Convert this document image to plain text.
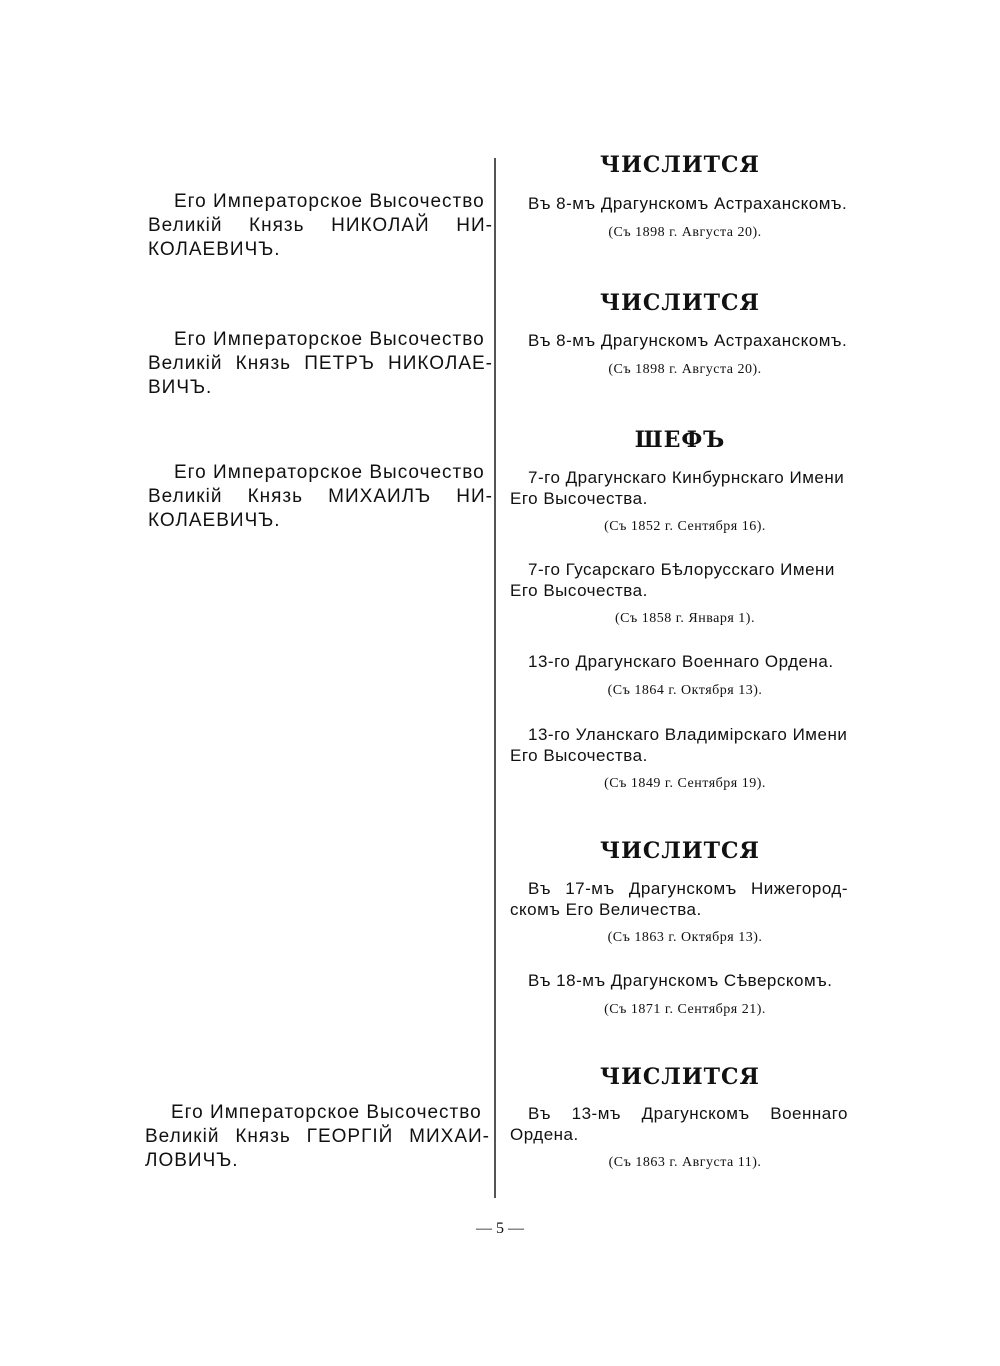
Его Императорское Высочество
Великій Князь НИКОЛАЙ НИ-
КОЛАЕВИЧЪ.
Его Императорское Высочество
Великій Князь ПЕТРЪ НИКОЛАЕ-
ВИЧЪ.
Его Императорское Высочество
Великій Князь МИХАИЛЪ НИ-
КОЛАЕВИЧЪ.
Его Императорское Высочество
Великій Князь ГЕОРГІЙ МИХАИ-
ЛОВИЧЪ.
ЧИСЛИТСЯ
Въ 8-мъ Драгунскомъ Астраханскомъ.
(Съ 1898 г. Августа 20).
ЧИСЛИТСЯ
Въ 8-мъ Драгунскомъ Астраханскомъ.
(Съ 1898 г. Августа 20).
ШЕФЪ
7-го Драгунскаго Кинбурнскаго Имени
Его Высочества.
(Съ 1852 г. Сентября 16).
7-го Гусарскаго Бѣлорусскаго Имени
Его Высочества.
(Съ 1858 г. Января 1).
13-го Драгунскаго Военнаго Ордена.
(Съ 1864 г. Октября 13).
13-го Уланскаго Владимірскаго Имени
Его Высочества.
(Съ 1849 г. Сентября 19).
ЧИСЛИТСЯ
Въ 17-мъ Драгунскомъ Нижегород-
скомъ Его Величества.
(Съ 1863 г. Октября 13).
Въ 18-мъ Драгунскомъ Сѣверскомъ.
(Съ 1871 г. Сентября 21).
ЧИСЛИТСЯ
Въ 13-мъ Драгунскомъ Военнаго
Ордена.
(Съ 1863 г. Августа 11).
— 5 —
